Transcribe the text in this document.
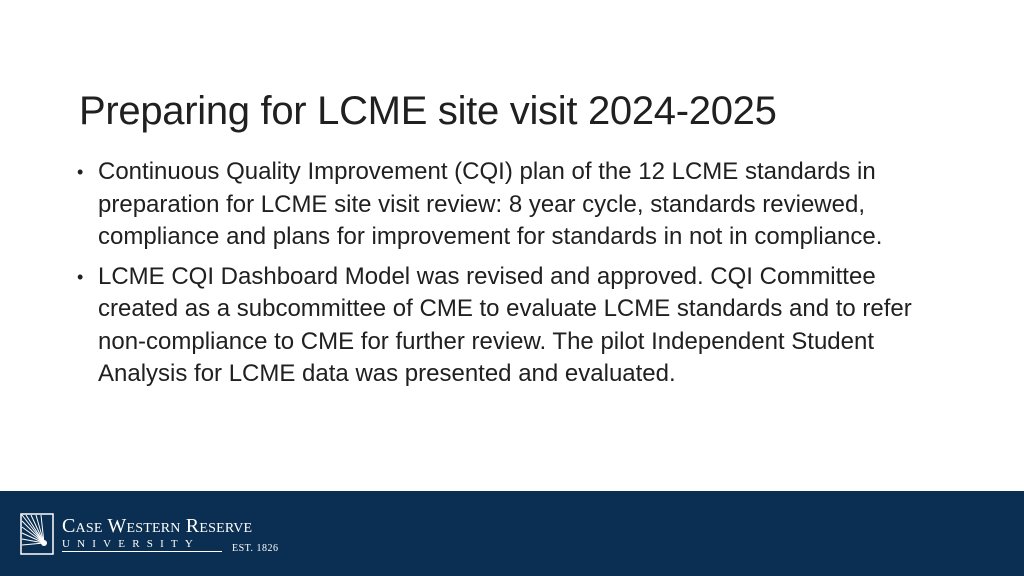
Preparing for LCME site visit 2024-2025
• Continuous Quality Improvement (CQI) plan of the 12 LCME standards in preparation for LCME site visit review: 8 year cycle, standards reviewed, compliance and plans for improvement for standards in not in compliance.
• LCME CQI Dashboard Model was revised and approved. CQI Committee created as a subcommittee of CME to evaluate LCME standards and to refer non-compliance to CME for further review. The pilot Independent Student Analysis for LCME data was presented and evaluated.
Case Western Reserve
UNIVERSITY	EST. 1826
